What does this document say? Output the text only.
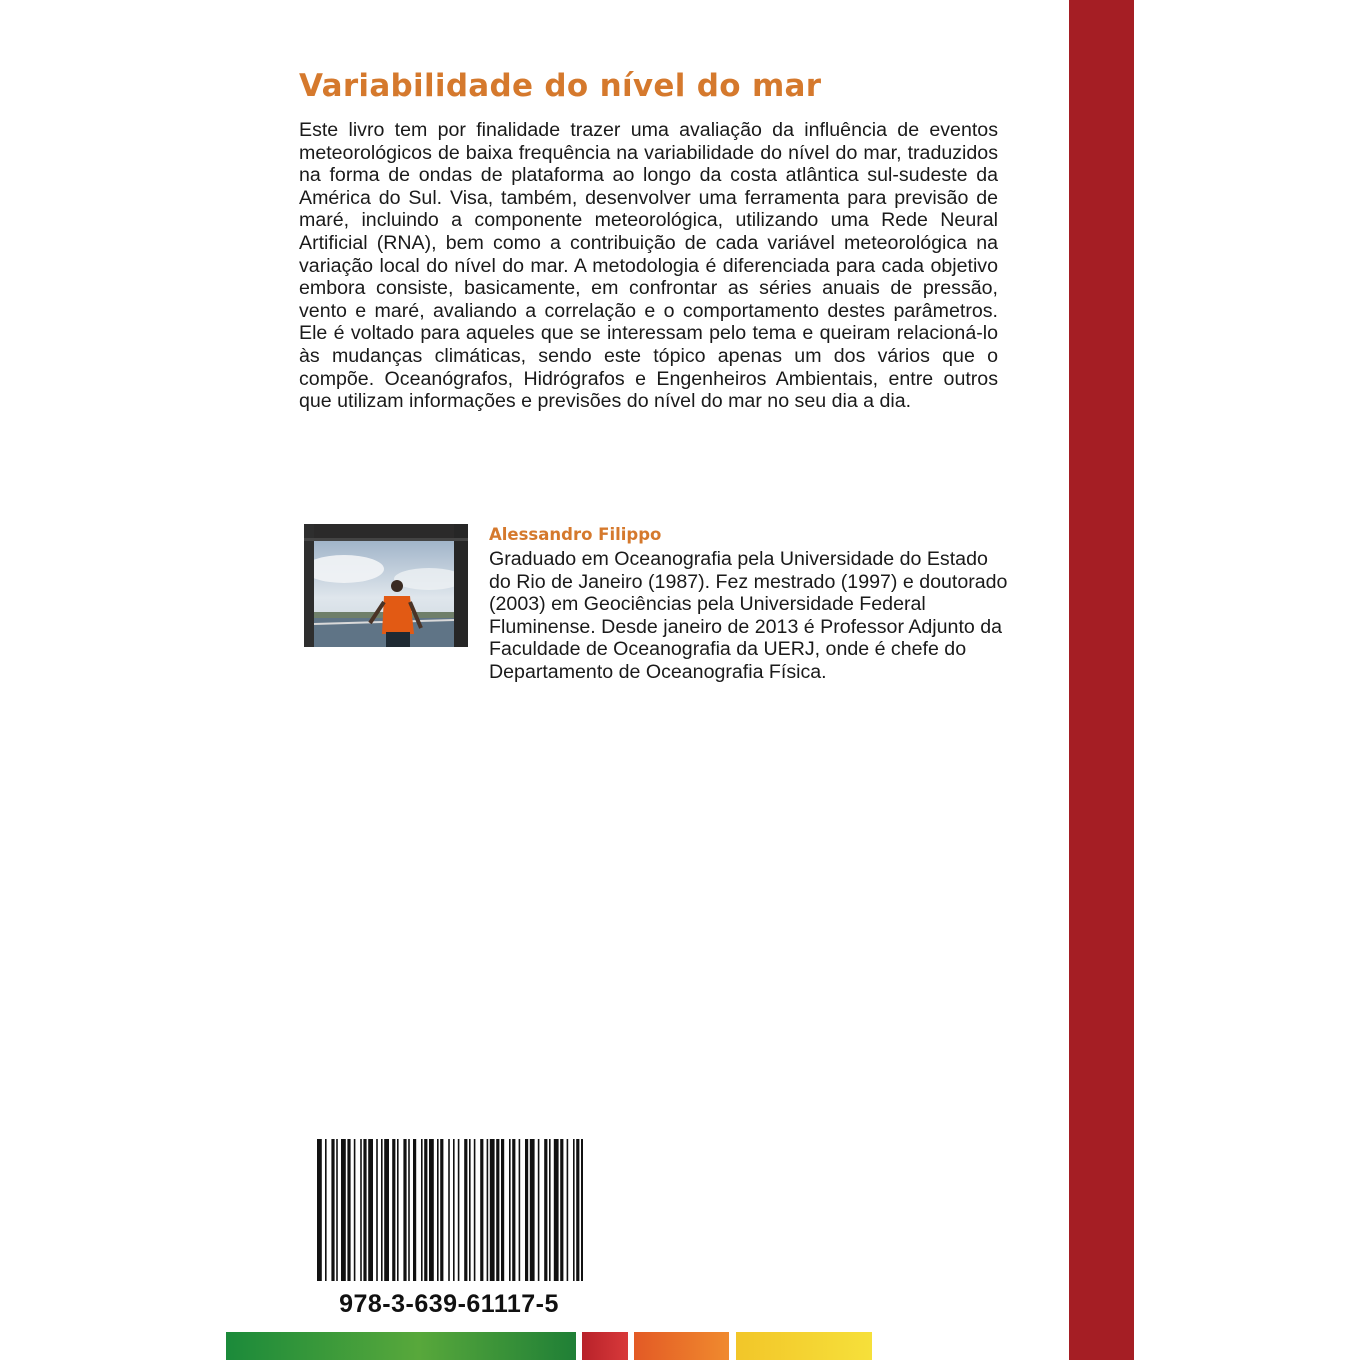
Variabilidade do nível do mar

Este livro tem por finalidade trazer uma avaliação da influência de eventos meteorológicos de baixa frequência na variabilidade do nível do mar, traduzidos na forma de ondas de plataforma ao longo da costa atlântica sul-sudeste da América do Sul. Visa, também, desenvolver uma ferramenta para previsão de maré, incluindo a componente meteorológica, utilizando uma Rede Neural Artificial (RNA), bem como a contribuição de cada variável meteorológica na variação local do nível do mar. A metodologia é diferenciada para cada objetivo embora consiste, basicamente, em confrontar as séries anuais de pressão, vento e maré, avaliando a correlação e o comportamento destes parâmetros. Ele é voltado para aqueles que se interessam pelo tema e queiram relacioná-lo às mudanças climáticas, sendo este tópico apenas um dos vários que o compõe. Oceanógrafos, Hidrógrafos e Engenheiros Ambientais, entre outros que utilizam informações e previsões do nível do mar no seu dia a dia.

Alessandro Filippo

Graduado em Oceanografia pela Universidade do Estado do Rio de Janeiro (1987). Fez mestrado (1997) e doutorado (2003) em Geociências pela Universidade Federal Fluminense. Desde janeiro de 2013 é Professor Adjunto da Faculdade de Oceanografia da UERJ, onde é chefe do Departamento de Oceanografia Física.

978-3-639-61117-5
